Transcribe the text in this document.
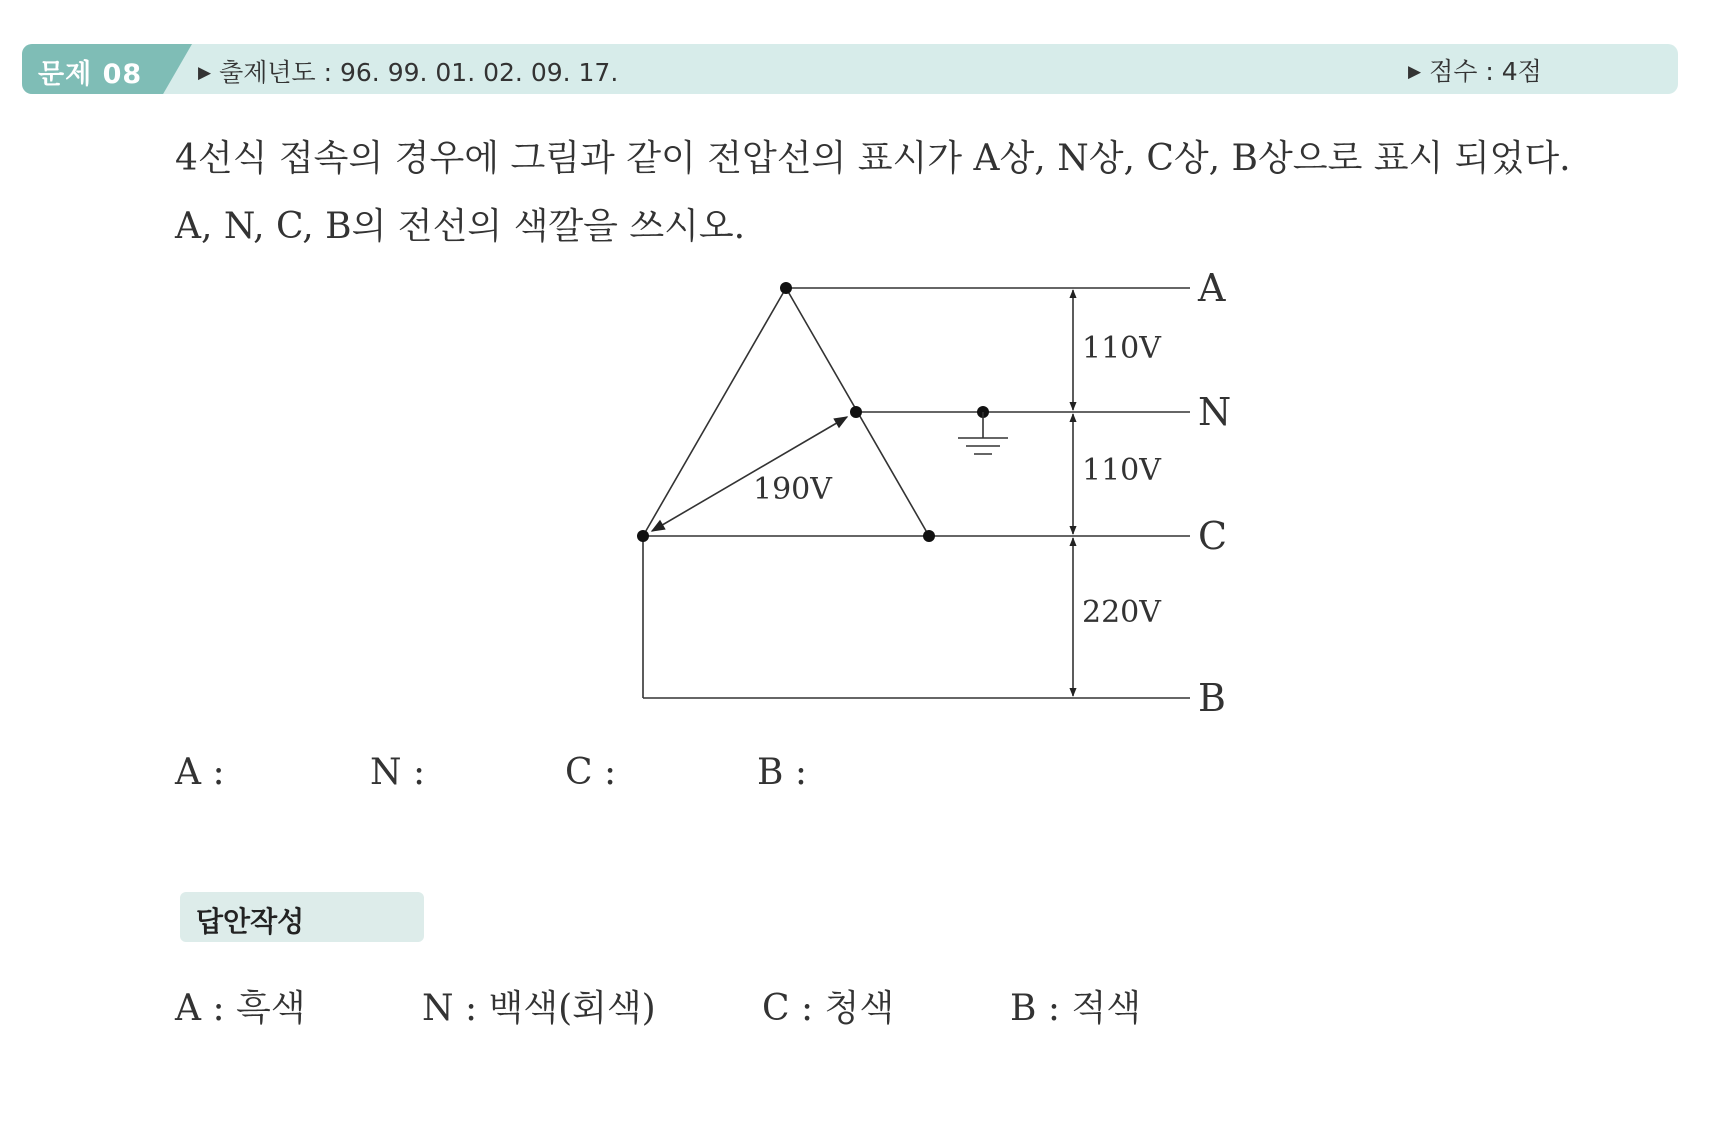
문제 08	▶ 출제년도 : 96. 99. 01. 02. 09. 17.	▶ 점수 : 4점
4선식 접속의 경우에 그림과 같이 전압선의 표시가 A상, N상, C상, B상으로 표시 되었다.
A, N, C, B의 전선의 색깔을 쓰시오.
A
N
C
B
110V
110V
220V
190V
A :	N :	C :	B :
답안작성
A : 흑색	N : 백색(회색)	C : 청색	B : 적색
